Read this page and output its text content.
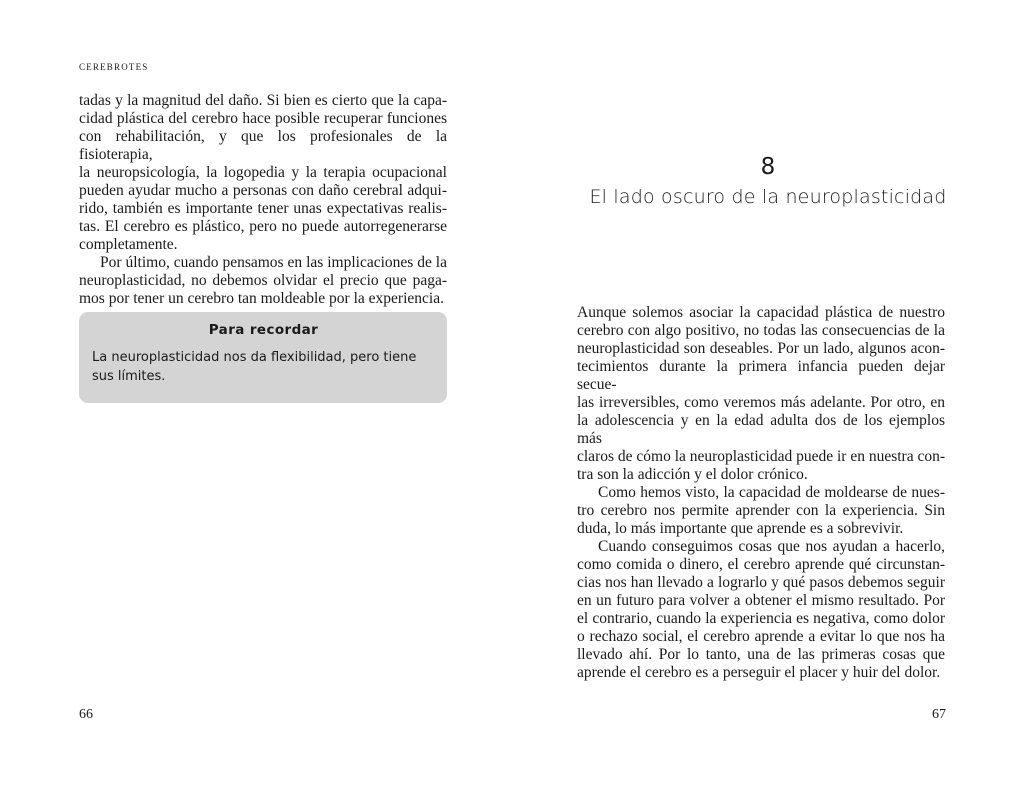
CEREBROTES

tadas y la magnitud del daño. Si bien es cierto que la capa-
cidad plástica del cerebro hace posible recuperar funciones
con rehabilitación, y que los profesionales de la fisioterapia,
la neuropsicología, la logopedia y la terapia ocupacional
pueden ayudar mucho a personas con daño cerebral adqui-
rido, también es importante tener unas expectativas realis-
tas. El cerebro es plástico, pero no puede autorregenerarse
completamente.

Por último, cuando pensamos en las implicaciones de la
neuroplasticidad, no debemos olvidar el precio que paga-
mos por tener un cerebro tan moldeable por la experiencia.

Para recordar

La neuroplasticidad nos da flexibilidad, pero tiene sus límites.

66
8
El lado oscuro de la neuroplasticidad

Aunque solemos asociar la capacidad plástica de nuestro
cerebro con algo positivo, no todas las consecuencias de la
neuroplasticidad son deseables. Por un lado, algunos acon-
tecimientos durante la primera infancia pueden dejar secue-
las irreversibles, como veremos más adelante. Por otro, en
la adolescencia y en la edad adulta dos de los ejemplos más
claros de cómo la neuroplasticidad puede ir en nuestra con-
tra son la adicción y el dolor crónico.

Como hemos visto, la capacidad de moldearse de nues-
tro cerebro nos permite aprender con la experiencia. Sin
duda, lo más importante que aprende es a sobrevivir.

Cuando conseguimos cosas que nos ayudan a hacerlo,
como comida o dinero, el cerebro aprende qué circunstan-
cias nos han llevado a lograrlo y qué pasos debemos seguir
en un futuro para volver a obtener el mismo resultado. Por
el contrario, cuando la experiencia es negativa, como dolor
o rechazo social, el cerebro aprende a evitar lo que nos ha
llevado ahí. Por lo tanto, una de las primeras cosas que
aprende el cerebro es a perseguir el placer y huir del dolor.

67
